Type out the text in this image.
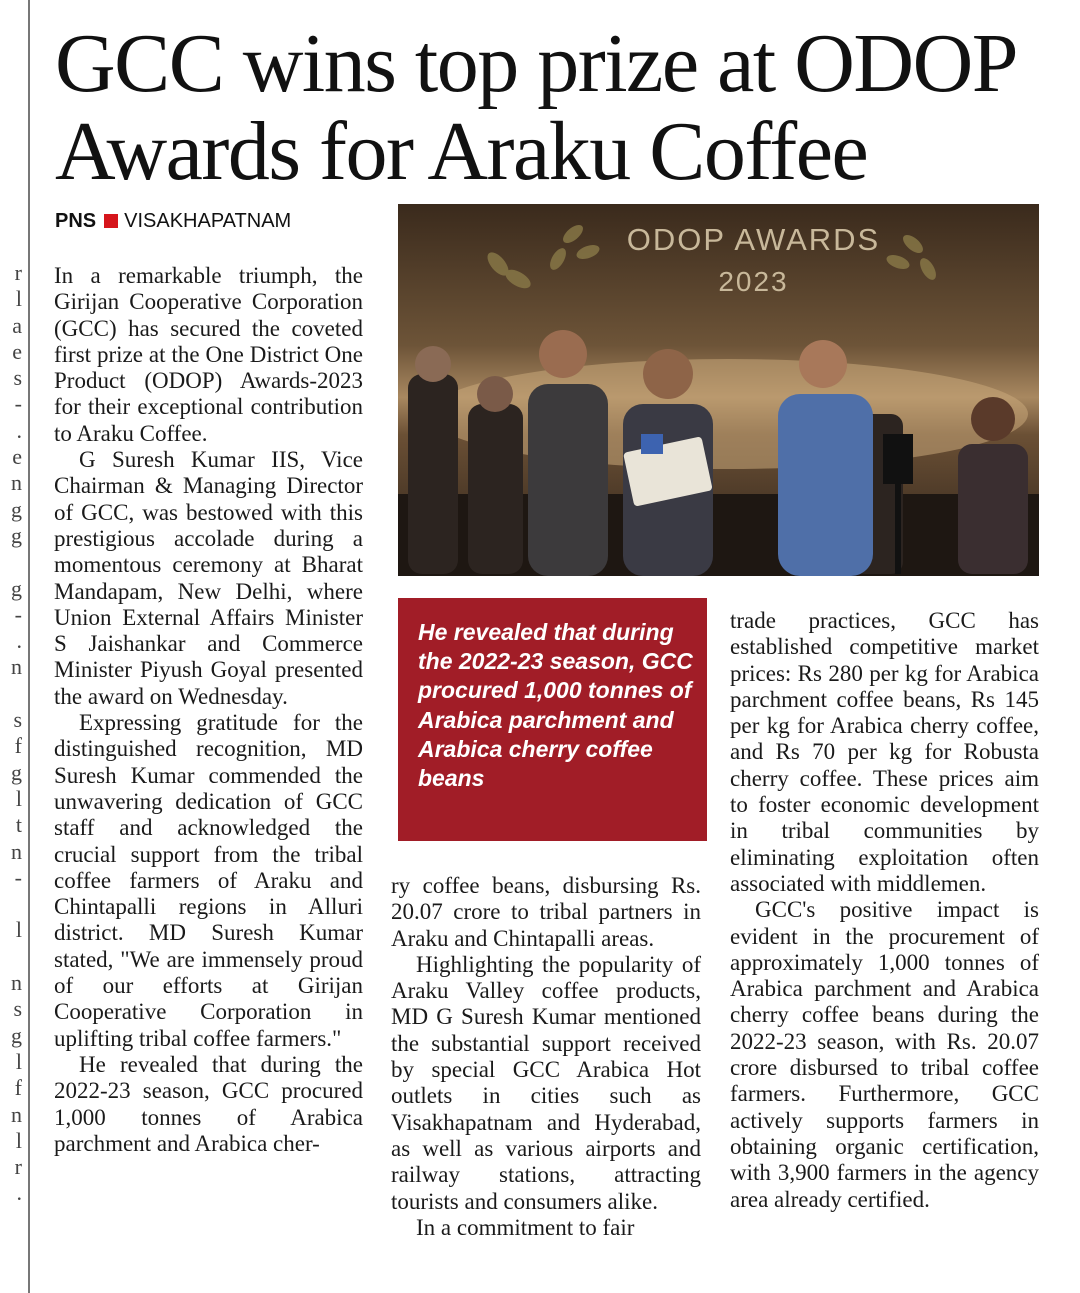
r
l
a
e
s
-
.
e
n
g
g
g
-
.
n
s
f
g
l
t
n
-
l
n
s
g
l
f
n
l
r
.
GCC wins top prize at ODOP Awards for Araku Coffee
PNS VISAKHAPATNAM

In a remarkable triumph, the Girijan Cooperative Corporation (GCC) has secured the coveted first prize at the One District One Product (ODOP) Awards-2023 for their exceptional contribution to Araku Coffee.

G Suresh Kumar IIS, Vice Chairman & Managing Director of GCC, was bestowed with this prestigious accolade during a momentous ceremony at Bharat Mandapam, New Delhi, where Union External Affairs Minister S Jaishankar and Commerce Minister Piyush Goyal presented the award on Wednesday.

Expressing gratitude for the distinguished recognition, MD Suresh Kumar commended the unwavering dedication of GCC staff and acknowledged the crucial support from the tribal coffee farmers of Araku and Chintapalli regions in Alluri district. MD Suresh Kumar stated, "We are immensely proud of our efforts at Girijan Cooperative Corporation in uplifting tribal coffee farmers."

He revealed that during the 2022-23 season, GCC procured 1,000 tonnes of Arabica parchment and Arabica cher-

ODOP AWARDS
2023
He revealed that during the 2022-23 season, GCC procured 1,000 tonnes of Arabica parchment and Arabica cherry coffee beans

ry coffee beans, disbursing Rs. 20.07 crore to tribal partners in Araku and Chintapalli areas.

Highlighting the popularity of Araku Valley coffee products, MD G Suresh Kumar mentioned the substantial support received by special GCC Arabica Hot outlets in cities such as Visakhapatnam and Hyderabad, as well as various airports and railway stations, attracting tourists and consumers alike.

In a commitment to fair

trade practices, GCC has established competitive market prices: Rs 280 per kg for Arabica parchment coffee beans, Rs 145 per kg for Arabica cherry coffee, and Rs 70 per kg for Robusta cherry coffee. These prices aim to foster economic development in tribal communities by eliminating exploitation often associated with middlemen.

GCC's positive impact is evident in the procurement of approximately 1,000 tonnes of Arabica parchment and Arabica cherry coffee beans during the 2022-23 season, with Rs. 20.07 crore disbursed to tribal coffee farmers. Furthermore, GCC actively supports farmers in obtaining organic certification, with 3,900 farmers in the agency area already certified.
